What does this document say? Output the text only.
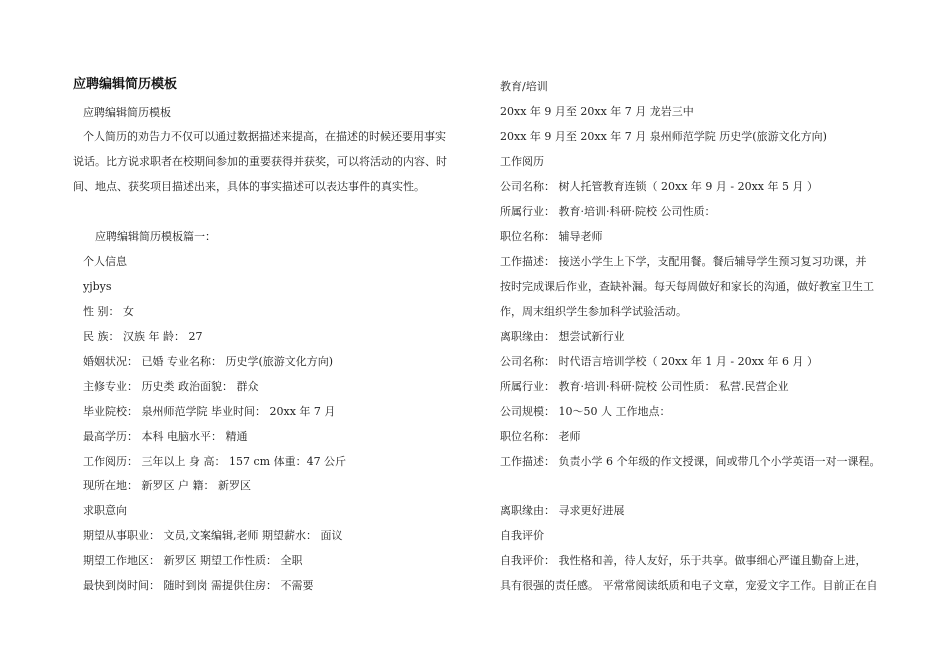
应聘编辑简历模板
应聘编辑简历模板
个人简历的劝告力不仅可以通过数据描述来提高，在描述的时候还要用事实
说话。比方说求职者在校期间参加的重要获得并获奖，可以将活动的内容、时
间、地点、获奖项目描述出来，具体的事实描述可以表达事件的真实性。
应聘编辑简历模板篇一：
个人信息
yjbys
性 别： 女
民 族： 汉族 年 龄： 27
婚姻状况： 已婚 专业名称： 历史学(旅游文化方向)
主修专业： 历史类 政治面貌： 群众
毕业院校： 泉州师范学院 毕业时间： 20xx 年 7 月
最高学历： 本科 电脑水平： 精通
工作阅历： 三年以上 身 高： 157 cm 体重：47 公斤
现所在地： 新罗区 户 籍： 新罗区
求职意向
期望从事职业： 文员,文案编辑,老师 期望薪水： 面议
期望工作地区： 新罗区 期望工作性质： 全职
最快到岗时间： 随时到岗 需提供住房： 不需要
教育/培训
20xx 年 9 月至 20xx 年 7 月 龙岩三中
20xx 年 9 月至 20xx 年 7 月 泉州师范学院 历史学(旅游文化方向)
工作阅历
公司名称： 树人托管教育连锁（ 20xx 年 9 月 - 20xx 年 5 月 ）
所属行业： 教育·培训·科研·院校 公司性质：
职位名称： 辅导老师
工作描述： 接送小学生上下学，支配用餐。餐后辅导学生预习复习功课，并
按时完成课后作业，查缺补漏。每天每周做好和家长的沟通，做好教室卫生工
作，周末组织学生参加科学试验活动。
离职缘由： 想尝试新行业
公司名称： 时代语言培训学校（ 20xx 年 1 月 - 20xx 年 6 月 ）
所属行业： 教育·培训·科研·院校 公司性质： 私营.民营企业
公司规模： 10～50 人 工作地点：
职位名称： 老师
工作描述： 负责小学 6 个年级的作文授课，间或带几个小学英语一对一课程。
离职缘由： 寻求更好进展
自我评价
自我评价： 我性格和善，待人友好，乐于共享。做事细心严谨且勤奋上进，
具有很强的责任感。 平常常阅读纸质和电子文章，宠爱文字工作。目前正在自
